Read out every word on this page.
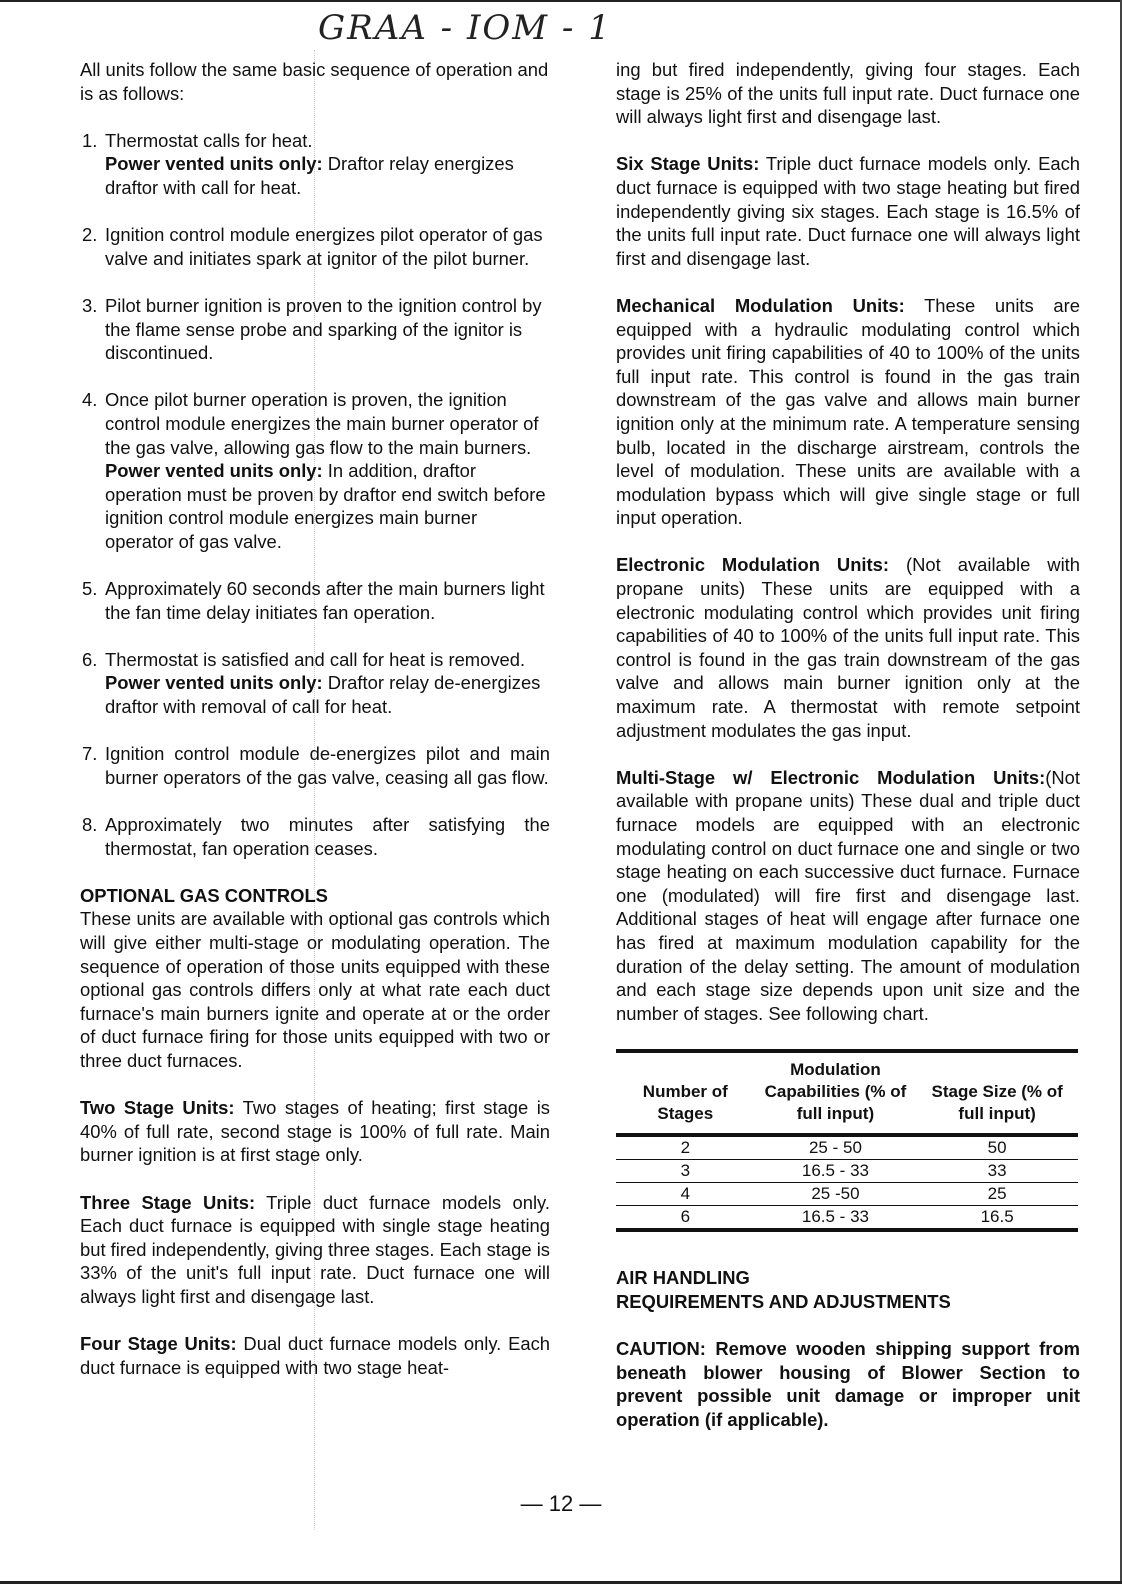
GRAA - IOM - 1

All units follow the same basic sequence of operation and is as follows:

1. Thermostat calls for heat.

Power vented units only: Draftor relay energizes draftor with call for heat.

2. Ignition control module energizes pilot operator of gas valve and initiates spark at ignitor of the pilot burner.

3. Pilot burner ignition is proven to the ignition control by the flame sense probe and sparking of the ignitor is discontinued.

4. Once pilot burner operation is proven, the ignition control module energizes the main burner operator of the gas valve, allowing gas flow to the main burners.

Power vented units only: In addition, draftor operation must be proven by draftor end switch before ignition control module energizes main burner operator of gas valve.

5. Approximately 60 seconds after the main burners light the fan time delay initiates fan operation.

6. Thermostat is satisfied and call for heat is removed.

Power vented units only: Draftor relay de-energizes draftor with removal of call for heat.

7. Ignition control module de-energizes pilot and main burner operators of the gas valve, ceasing all gas flow.

8. Approximately two minutes after satisfying the thermostat, fan operation ceases.

OPTIONAL GAS CONTROLS

These units are available with optional gas controls which will give either multi-stage or modulating operation. The sequence of operation of those units equipped with these optional gas controls differs only at what rate each duct furnace's main burners ignite and operate at or the order of duct furnace firing for those units equipped with two or three duct furnaces.

Two Stage Units: Two stages of heating; first stage is 40% of full rate, second stage is 100% of full rate. Main burner ignition is at first stage only.

Three Stage Units: Triple duct furnace models only. Each duct furnace is equipped with single stage heating but fired independently, giving three stages. Each stage is 33% of the unit's full input rate. Duct furnace one will always light first and disengage last.

Four Stage Units: Dual duct furnace models only. Each duct furnace is equipped with two stage heat-

ing but fired independently, giving four stages. Each stage is 25% of the units full input rate. Duct furnace one will always light first and disengage last.

Six Stage Units: Triple duct furnace models only. Each duct furnace is equipped with two stage heating but fired independently giving six stages. Each stage is 16.5% of the units full input rate. Duct furnace one will always light first and disengage last.

Mechanical Modulation Units: These units are equipped with a hydraulic modulating control which provides unit firing capabilities of 40 to 100% of the units full input rate. This control is found in the gas train downstream of the gas valve and allows main burner ignition only at the minimum rate. A temperature sensing bulb, located in the discharge airstream, controls the level of modulation. These units are available with a modulation bypass which will give single stage or full input operation.

Electronic Modulation Units: (Not available with propane units) These units are equipped with a electronic modulating control which provides unit firing capabilities of 40 to 100% of the units full input rate. This control is found in the gas train downstream of the gas valve and allows main burner ignition only at the maximum rate. A thermostat with remote setpoint adjustment modulates the gas input.

Multi-Stage w/ Electronic Modulation Units:(Not available with propane units) These dual and triple duct furnace models are equipped with an electronic modulating control on duct furnace one and single or two stage heating on each successive duct furnace. Furnace one (modulated) will fire first and disengage last. Additional stages of heat will engage after furnace one has fired at maximum modulation capability for the duration of the delay setting. The amount of modulation and each stage size depends upon unit size and the number of stages. See following chart.

Number of Stages	Modulation Capabilities (% of full input)	Stage Size (% of full input)
2	25 - 50	50
3	16.5 - 33	33
4	25 -50	25
6	16.5 - 33	16.5

AIR HANDLING

REQUIREMENTS AND ADJUSTMENTS

CAUTION: Remove wooden shipping support from beneath blower housing of Blower Section to prevent possible unit damage or improper unit operation (if applicable).

— 12 —
